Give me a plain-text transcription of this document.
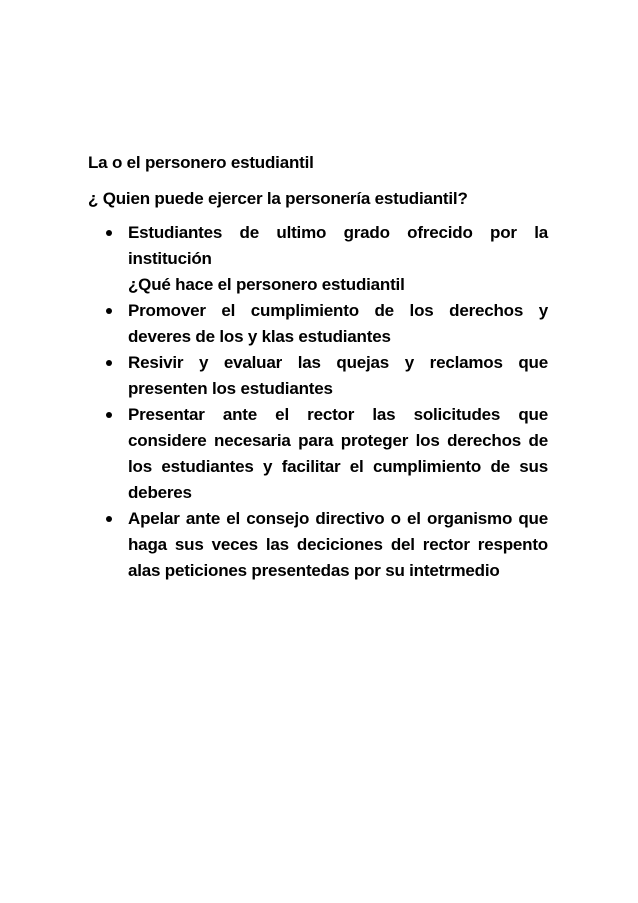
La o el personero estudiantil

¿ Quien puede ejercer la personería estudiantil?

Estudiantes de ultimo grado ofrecido por la institución
¿Qué hace el personero estudiantil
Promover el cumplimiento de los derechos y deveres de los y klas estudiantes
Resivir y evaluar las quejas y reclamos que presenten los estudiantes
Presentar ante el rector las solicitudes que considere necesaria para proteger los derechos de los estudiantes y facilitar el cumplimiento de sus deberes
Apelar ante el consejo directivo o el organismo que haga sus veces las deciciones del rector respento alas peticiones presentedas por su intetrmedio
